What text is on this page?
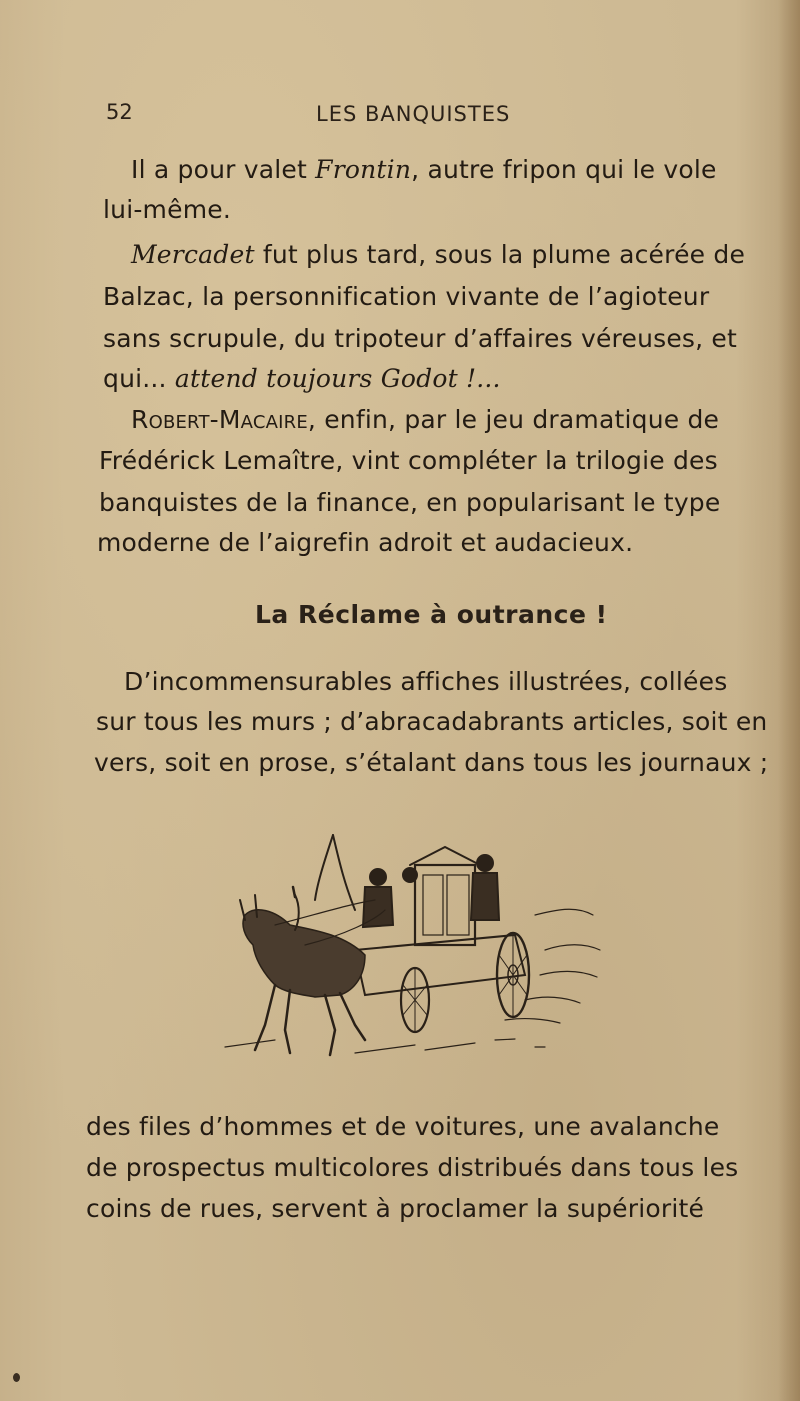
52	LES BANQUISTES
Il a pour valet Frontin, autre fripon qui le vole
lui-même.
Mercadet fut plus tard, sous la plume acérée de
Balzac, la personnification vivante de l’agioteur
sans scrupule, du tripoteur d’affaires véreuses, et
qui... attend toujours Godot !...
Robert-Macaire, enfin, par le jeu dramatique de
Frédérick Lemaître, vint compléter la trilogie des
banquistes de la finance, en popularisant le type
moderne de l’aigrefin adroit et audacieux.
La Réclame à outrance !
D’incommensurables affiches illustrées, collées
sur tous les murs ; d’abracadabrants articles, soit en
vers, soit en prose, s’étalant dans tous les journaux ;
des files d’hommes et de voitures, une avalanche
de prospectus multicolores distribués dans tous les
coins de rues, servent à proclamer la supériorité
